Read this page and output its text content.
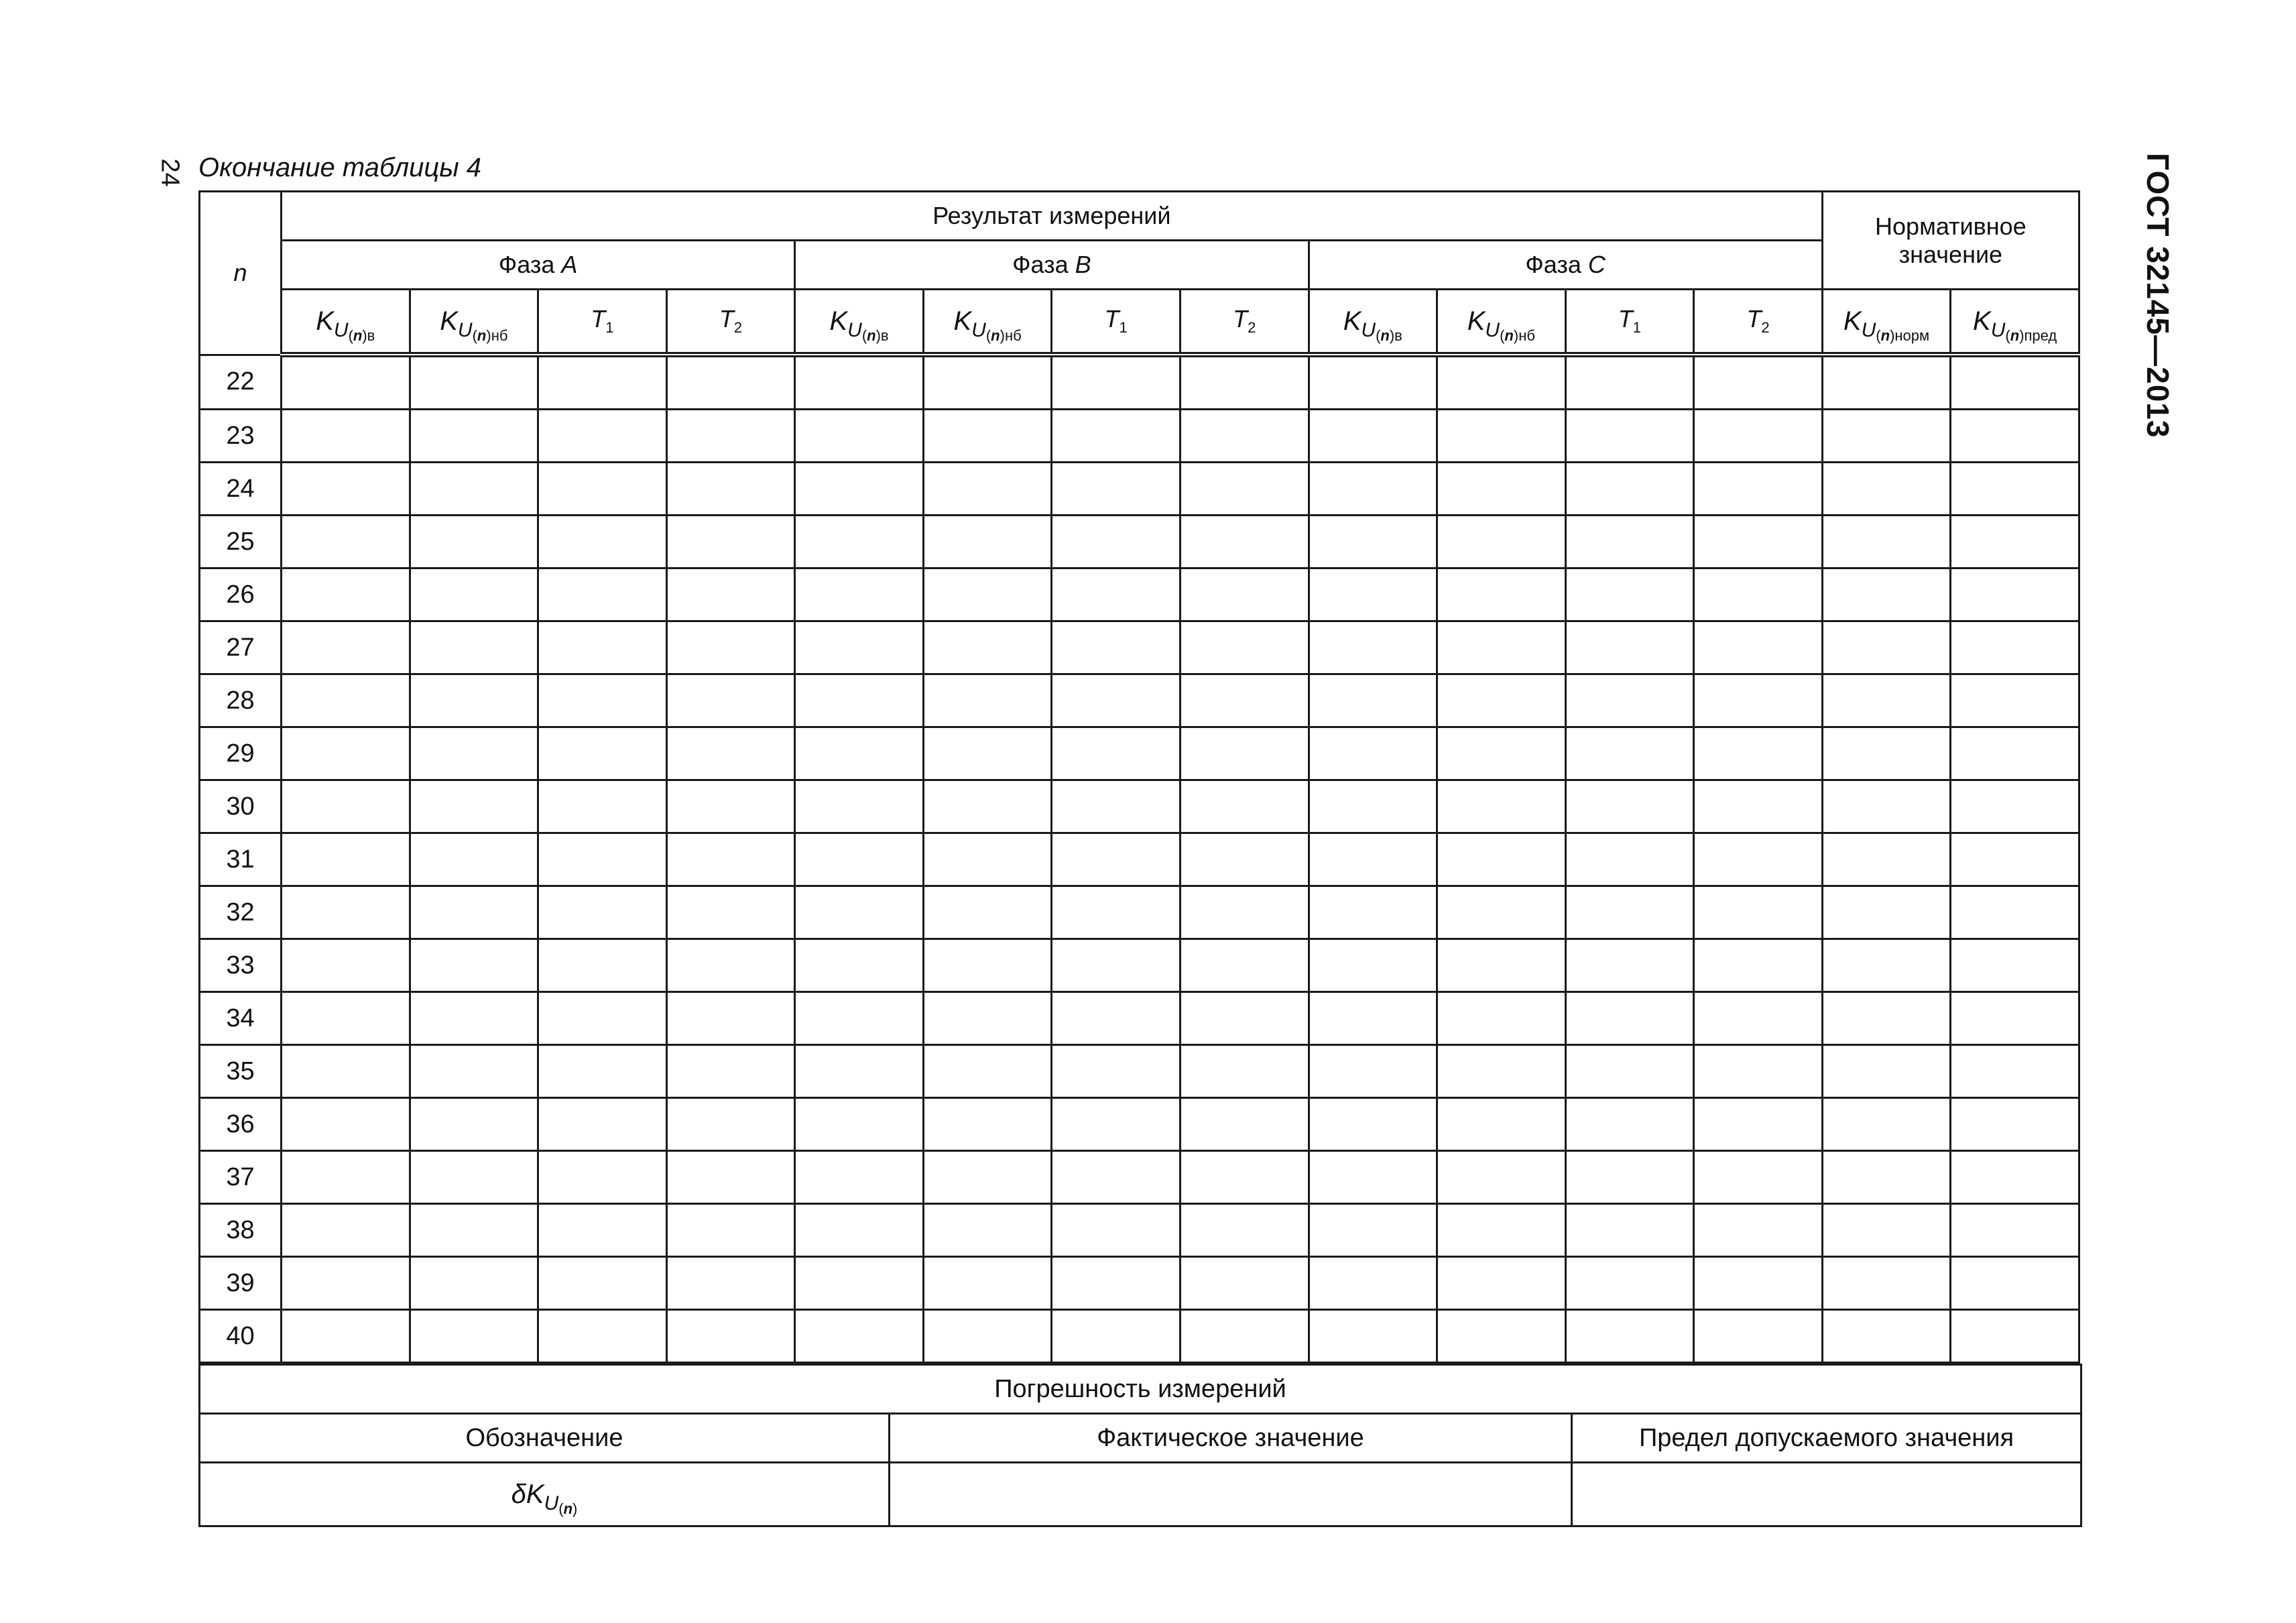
24 Окончание таблицы 4	ГОСТ 32145—2013
n	Результат измерений												Нормативное значение	
	Фаза A				Фаза B				Фаза C					
	$K_{U(n)в}$	$K_{U(n)нб}$	$T_1$	$T_2$	$K_{U(n)в}$	$K_{U(n)нб}$	$T_1$	$T_2$	$K_{U(n)в}$	$K_{U(n)нб}$	$T_1$	$T_2$	$K_{U(n)норм}$	$K_{U(n)пред}$
22														
23														
24														
25														
26														
27														
28														
29														
30														
31														
32														
33														
34														
35														
36														
37														
38														
39														
40														
Погрешность измерений		
Обозначение	Фактическое значение	Предел допускаемого значения
$\delta K_{U(n)}$		
